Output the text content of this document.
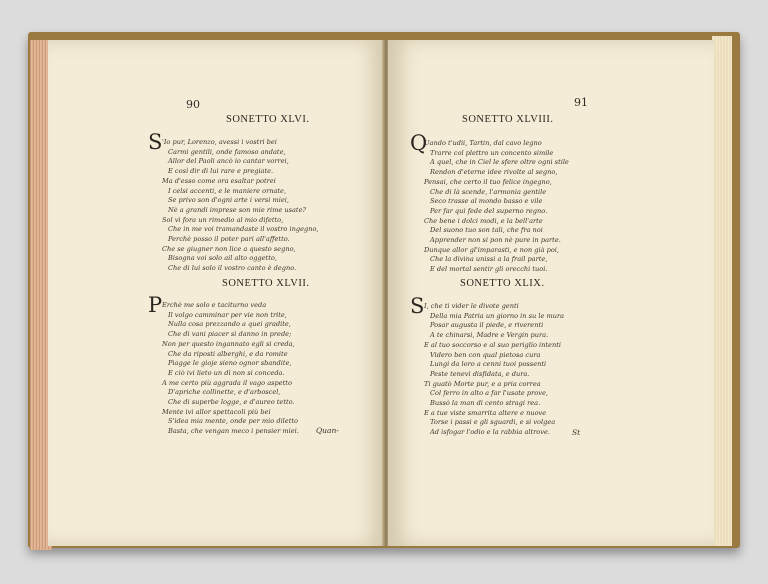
90
SONETTO XLVI.
S 'Io pur, Lorenzo, avessi i vostri bei
Carmi gentili, onde famoso andate,
Allor del Paoli ancò io cantar vorrei,
E così dir di lui rare e pregiate.
Ma d'esso come ora esaltar potrei
I celsi accenti, e le maniere ornate,
Se privo son d'ogni arte i versi miei,
Nè a grandi imprese son mie rime usate?
Sol vi fora un rimedio al mio difetto,
Che in me voi tramandaste il vostro ingegno,
Perchè posso il poter pari all'affetto.
Che se giugner non lice a questo segno,
Bisogna voi solo ail alto oggetto,
Che di lui solo il vostro canto è degno.
SONETTO XLVII.
P Erchè me solo e taciturno veda
Il volgo camminar per vie non trite,
Nulla cosa prezzando a quei gradite,
Che di vani piacer si danno in prede;
Non per questo ingannato egli si creda,
Che da riposti alberghi, e da romite
Piagge le gioje sieno ognor sbandite,
E ciò ivi lieto un dì non si conceda.
A me certo più aggrada il vago aspetto
D'apriche collinette, e d'arboscel,
Che di superbe logge, e d'aureo tetto.
Mente ivi allor spettacoli più bei
S'idea mia mente, onde per mio diletto
Basta, che vengan meco i pensier miei. Quan-
91
SONETTO XLVIII.
Q
Uando t'udii, Tartin, dal cavo legno
Trarre col plettro un concento simile
A quel, che in Ciel le sfere oltre ogni stile
Rendon d'eterne idee rivolte al segno,
Pensai, che certo il tuo felice ingegno,
Che di là scende, l'armonia gentile
Seco trasse al mondo basso e vile
Per far qui fede del superno regno.
Che bene i dolci modi, e la bell'arte
Del suono tuo son tali, che fra noi
Apprender non si pon nè pure in parte.
Dunque allor gl'imparasti, e non già poi,
Che la divina unissi a la frail parte,
E del mortal sentir gli orecchi tuoi.
SONETTO XLIX.
S I, che ti vider le divote genti
Della mia Patria un giorno in su le mura
Posar augusta il piede, e riverenti
A te chinarsi, Madre e Vergin pura.
E al tuo soccorso e al suo periglio intenti
Videro ben con qual pietosa cura
Lungi da loro a cenni tuoi possenti
Peste tenevi disfidata, e dura.
Ti guatò Morte pur, e a pria correa
Col ferro in alto a far l'usate prove,
Bussò la man di cento stragi rea.
E a tue viste smarrita altere e nuove
Torse i passi e gli sguardi, e si volgea
Ad isfogar l'odio e la rabbia altrove.	St
